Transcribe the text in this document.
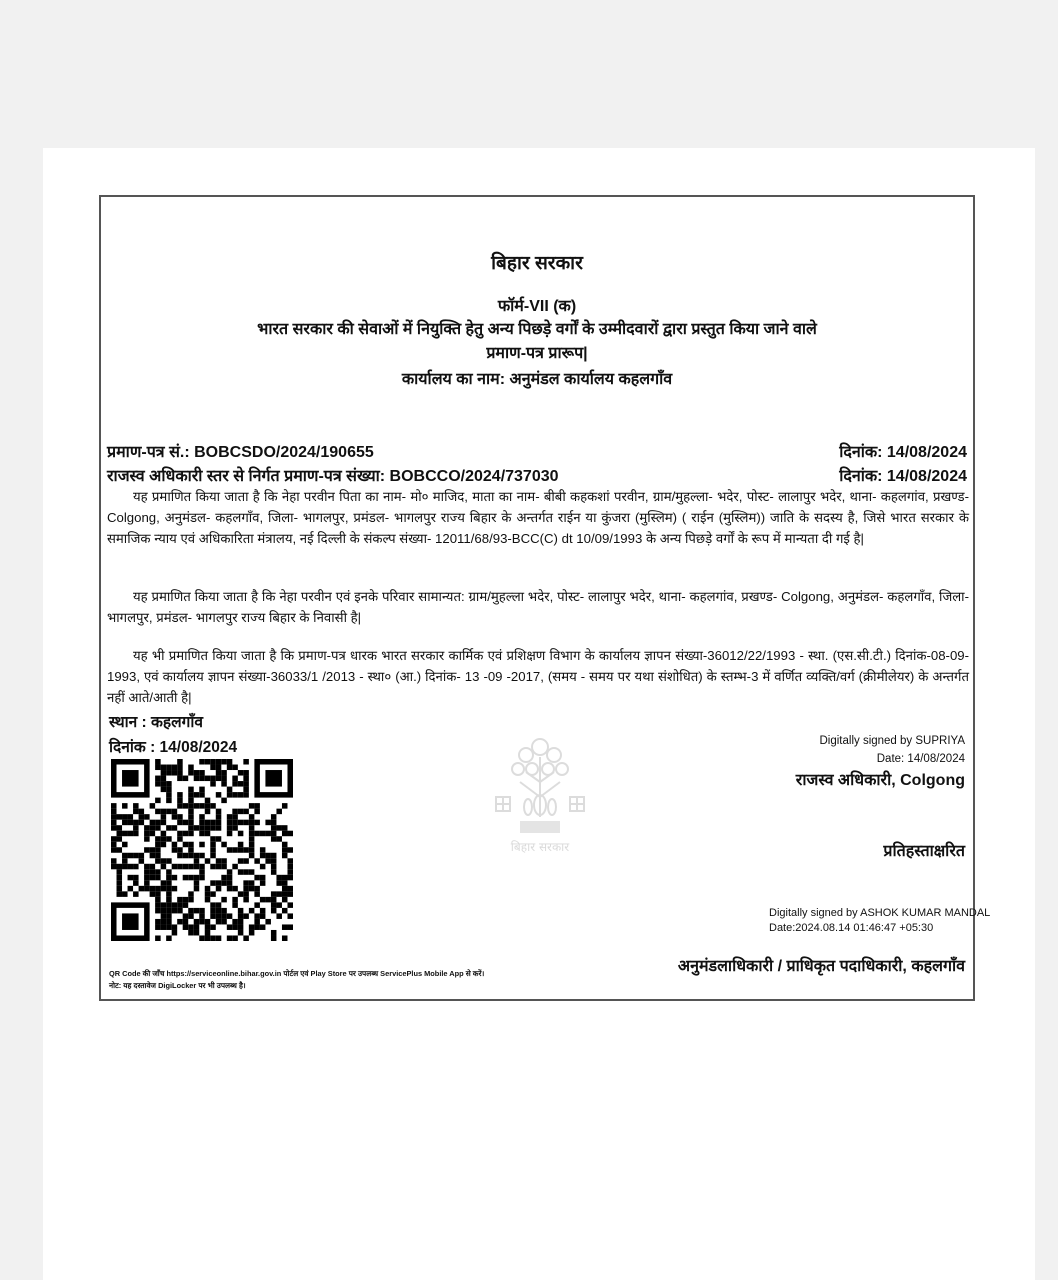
बिहार सरकार
फॉर्म-VII (क)
भारत सरकार की सेवाओं में नियुक्ति हेतु अन्य पिछड़े वर्गों के उम्मीदवारों द्वारा प्रस्तुत किया जाने वाले प्रमाण-पत्र प्रारूप|
कार्यालय का नाम: अनुमंडल कार्यालय कहलगाँव
प्रमाण-पत्र सं.: BOBCSDO/2024/190655	दिनांक: 14/08/2024
राजस्व अधिकारी स्तर से निर्गत प्रमाण-पत्र संख्या: BOBCCO/2024/737030	दिनांक: 14/08/2024
यह प्रमाणित किया जाता है कि नेहा परवीन पिता का नाम- मो० माजिद, माता का नाम- बीबी कहकशां परवीन, ग्राम/मुहल्ला- भदेर, पोस्ट- लालापुर भदेर, थाना- कहलगांव, प्रखण्ड- Colgong, अनुमंडल- कहलगाँव, जिला- भागलपुर, प्रमंडल- भागलपुर राज्य बिहार के अन्तर्गत राईन या कुंजरा (मुस्लिम) ( राईन (मुस्लिम)) जाति के सदस्य है, जिसे भारत सरकार के समाजिक न्याय एवं अधिकारिता मंत्रालय, नई दिल्ली के संकल्प संख्या- 12011/68/93-BCC(C) dt 10/09/1993 के अन्य पिछड़े वर्गों के रूप में मान्यता दी गई है|
यह प्रमाणित किया जाता है कि नेहा परवीन एवं इनके परिवार सामान्यत: ग्राम/मुहल्ला भदेर, पोस्ट- लालापुर भदेर, थाना- कहलगांव, प्रखण्ड- Colgong, अनुमंडल- कहलगाँव, जिला- भागलपुर, प्रमंडल- भागलपुर राज्य बिहार के निवासी है|
यह भी प्रमाणित किया जाता है कि प्रमाण-पत्र धारक भारत सरकार कार्मिक एवं प्रशिक्षण विभाग के कार्यालय ज्ञापन संख्या-36012/22/1993 - स्था. (एस.सी.टी.) दिनांक-08-09-1993, एवं कार्यालय ज्ञापन संख्या-36033/1 /2013 - स्था० (आ.) दिनांक- 13 -09 -2017, (समय - समय पर यथा संशोधित) के स्तम्भ-3 में वर्णित व्यक्ति/वर्ग (क्रीमीलेयर) के अन्तर्गत नहीं आते/आती है|
स्थान : कहलगाँव
दिनांक : 14/08/2024
बिहार सरकार
Digitally signed by SUPRIYA
Date: 14/08/2024
राजस्व अधिकारी, Colgong
प्रतिहस्ताक्षरित
Digitally signed by ASHOK KUMAR MANDAL
Date:2024.08.14 01:46:47 +05:30
अनुमंडलाधिकारी / प्राधिकृत पदाधिकारी, कहलगाँव
QR Code की जाँच https://serviceonline.bihar.gov.in पोर्टल एवं Play Store पर उपलब्ध ServicePlus Mobile App से करें।
नोट: यह दस्तावेज DigiLocker पर भी उपलब्ध है।
